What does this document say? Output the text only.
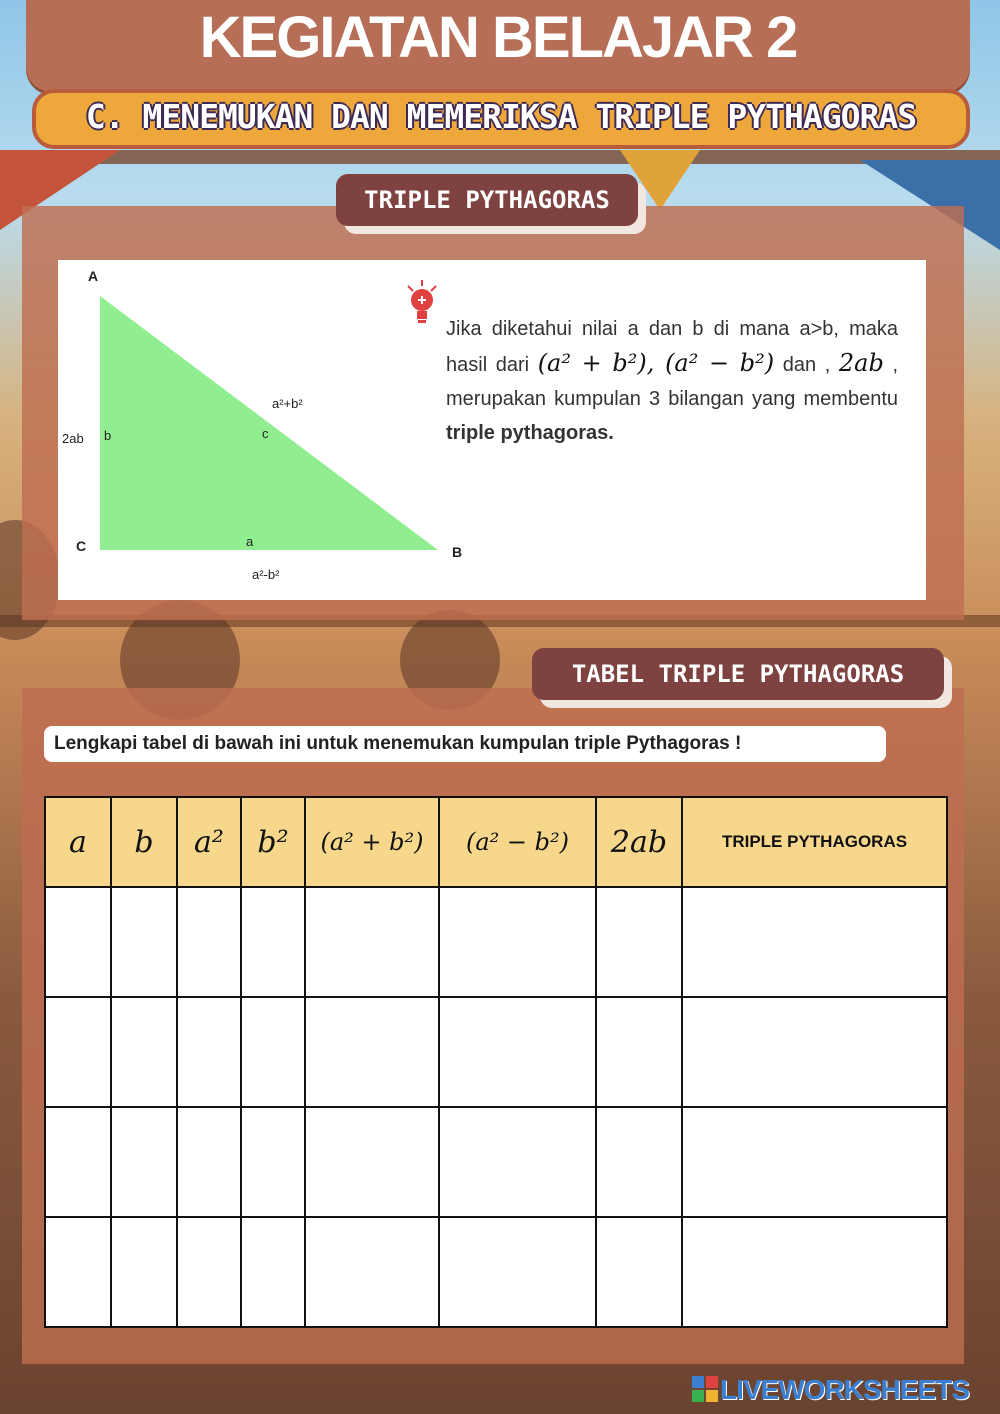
KEGIATAN BELAJAR 2
C. MENEMUKAN DAN MEMERIKSA TRIPLE PYTHAGORAS
TRIPLE PYTHAGORAS
A
B
C
b
2ab	c
a²+b²
a
a²-b²
Jika diketahui nilai a dan b di mana a>b, maka hasil dari (a² + b²), (a² − b²) dan , 2ab , merupakan kumpulan 3 bilangan yang membentu triple pythagoras.
TABEL TRIPLE PYTHAGORAS
Lengkapi tabel di bawah ini untuk menemukan kumpulan triple Pythagoras !
a	b	a²	b²	(a² + b²)	(a² − b²)	2ab	TRIPLE PYTHAGORAS

LIVEWORKSHEETS
